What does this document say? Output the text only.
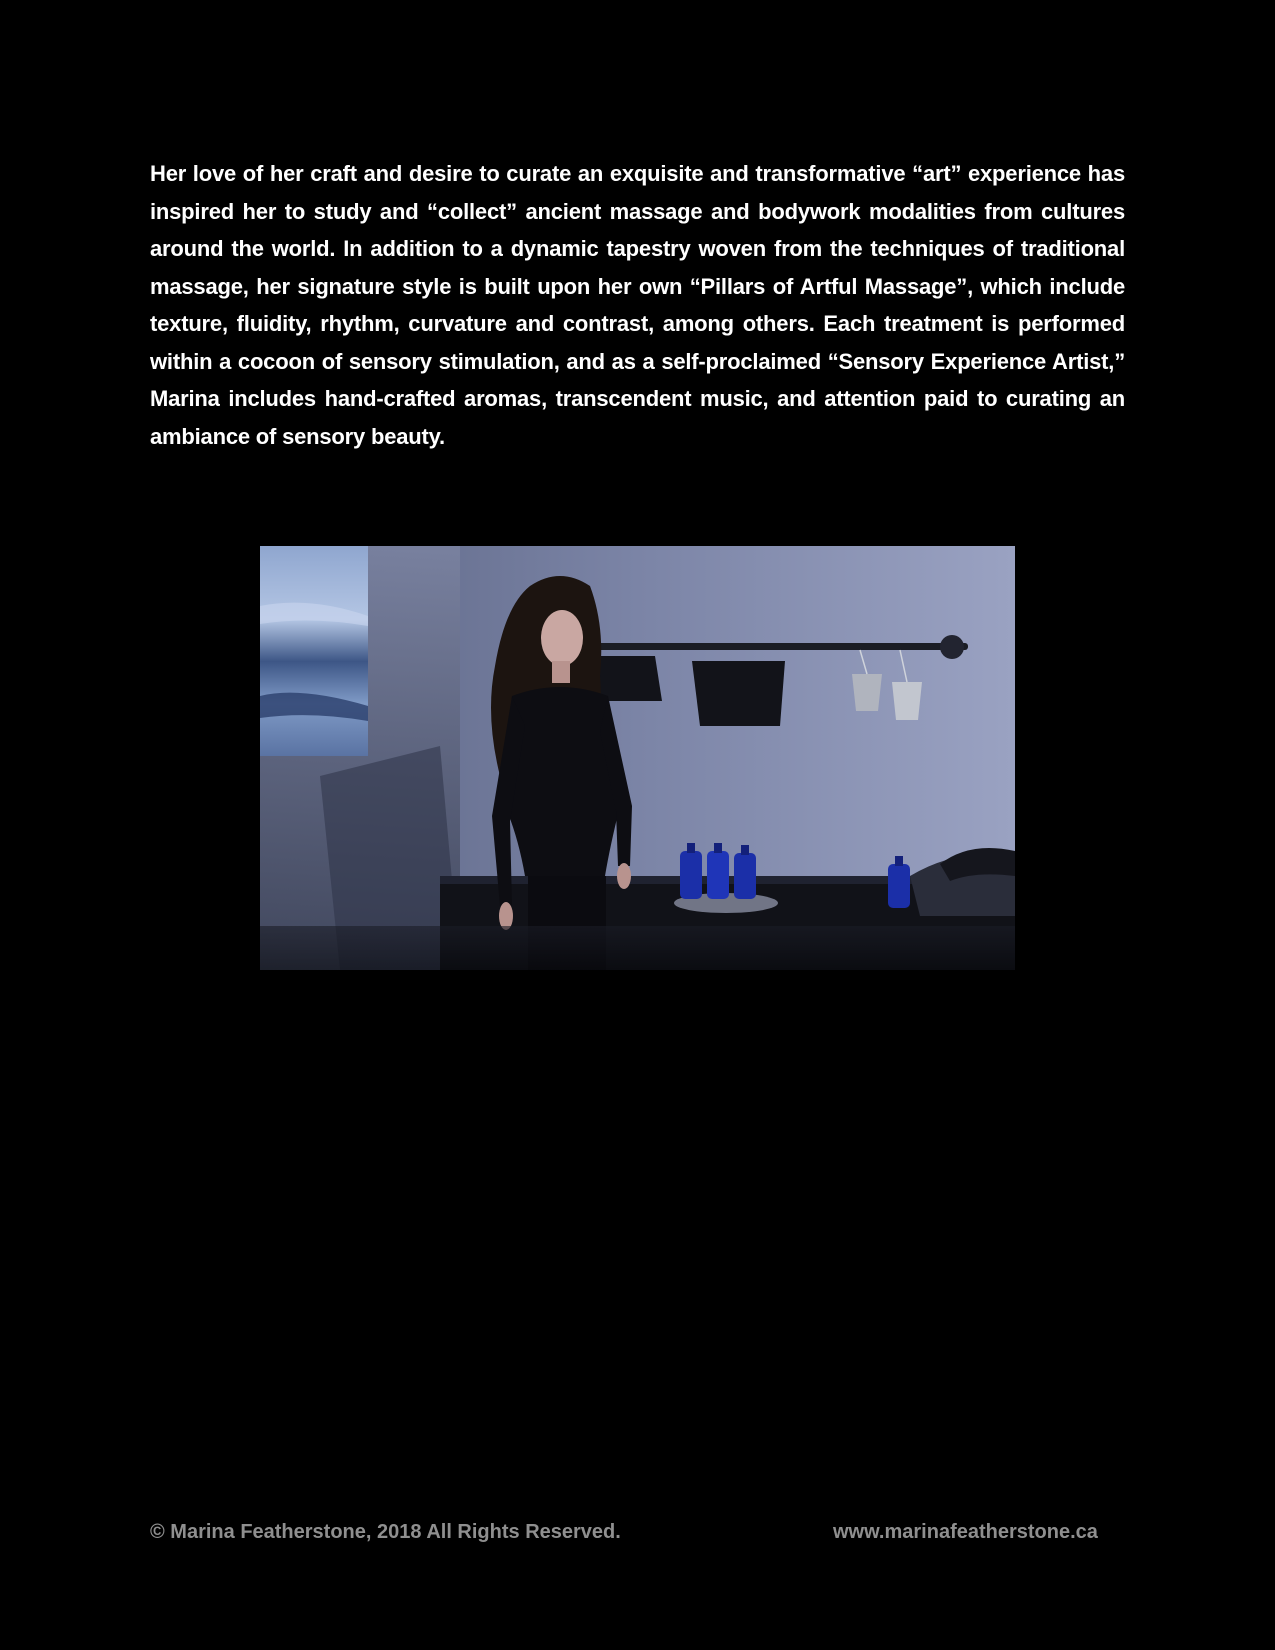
Her love of her craft and desire to curate an exquisite and transformative “art” experience has inspired her to study and “collect” ancient massage and bodywork modalities from cultures around the world. In addition to a dynamic tapestry woven from the techniques of traditional massage, her signature style is built upon her own “Pillars of Artful Massage”, which include texture, fluidity, rhythm, curvature and contrast, among others. Each treatment is performed within a cocoon of sensory stimulation, and as a self-proclaimed “Sensory Experience Artist,” Marina includes hand-crafted aromas, transcendent music, and attention paid to curating an ambiance of sensory beauty.

© Marina Featherstone, 2018 All Rights Reserved.	www.marinafeatherstone.ca
